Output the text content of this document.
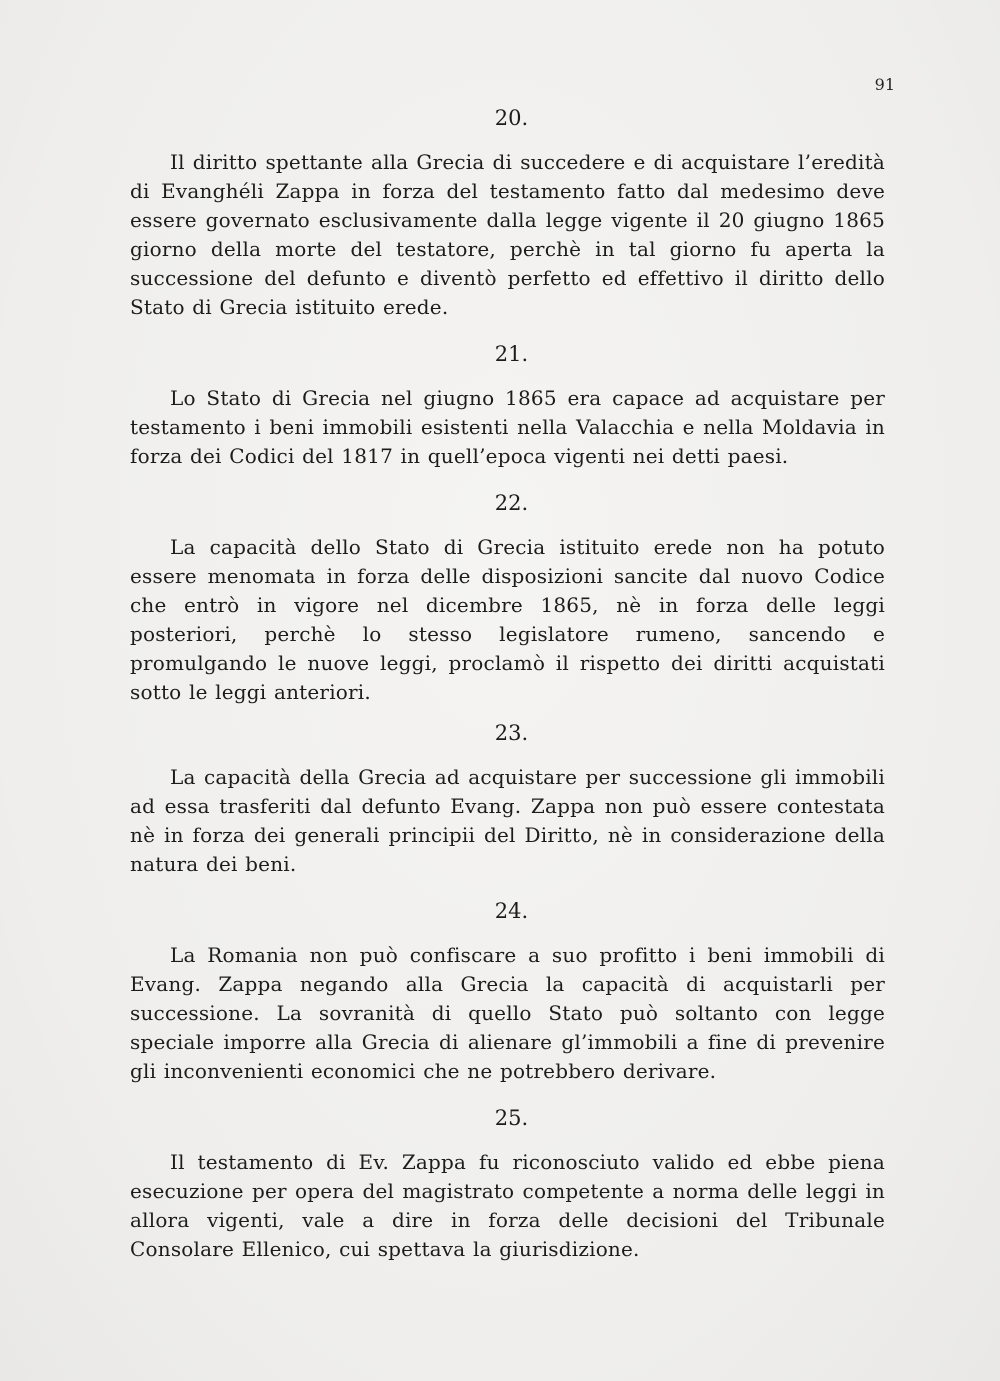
91
20.

Il diritto spettante alla Grecia di succedere e di acquistare l’eredità di Evanghéli Zappa in forza del testamento fatto dal medesimo deve essere governato esclusivamente dalla legge vigente il 20 giugno 1865 giorno della morte del testatore, perchè in tal giorno fu aperta la successione del defunto e diventò perfetto ed effettivo il diritto dello Stato di Grecia istituito erede.

21.

Lo Stato di Grecia nel giugno 1865 era capace ad acquistare per testamento i beni immobili esistenti nella Valacchia e nella Moldavia in forza dei Codici del 1817 in quell’epoca vigenti nei detti paesi.

22.

La capacità dello Stato di Grecia istituito erede non ha potuto essere menomata in forza delle disposizioni sancite dal nuovo Codice che entrò in vigore nel dicembre 1865, nè in forza delle leggi posteriori, perchè lo stesso legislatore rumeno, sancendo e promulgando le nuove leggi, proclamò il rispetto dei diritti acquistati sotto le leggi anteriori.

23.

La capacità della Grecia ad acquistare per successione gli immobili ad essa trasferiti dal defunto Evang. Zappa non può essere contestata nè in forza dei generali principii del Diritto, nè in considerazione della natura dei beni.

24.

La Romania non può confiscare a suo profitto i beni immobili di Evang. Zappa negando alla Grecia la capacità di acquistarli per successione. La sovranità di quello Stato può soltanto con legge speciale imporre alla Grecia di alienare gl’immobili a fine di prevenire gli inconvenienti economici che ne potrebbero derivare.

25.

Il testamento di Ev. Zappa fu riconosciuto valido ed ebbe piena esecuzione per opera del magistrato competente a norma delle leggi in allora vigenti, vale a dire in forza delle decisioni del Tribunale Consolare Ellenico, cui spettava la giurisdizione.
